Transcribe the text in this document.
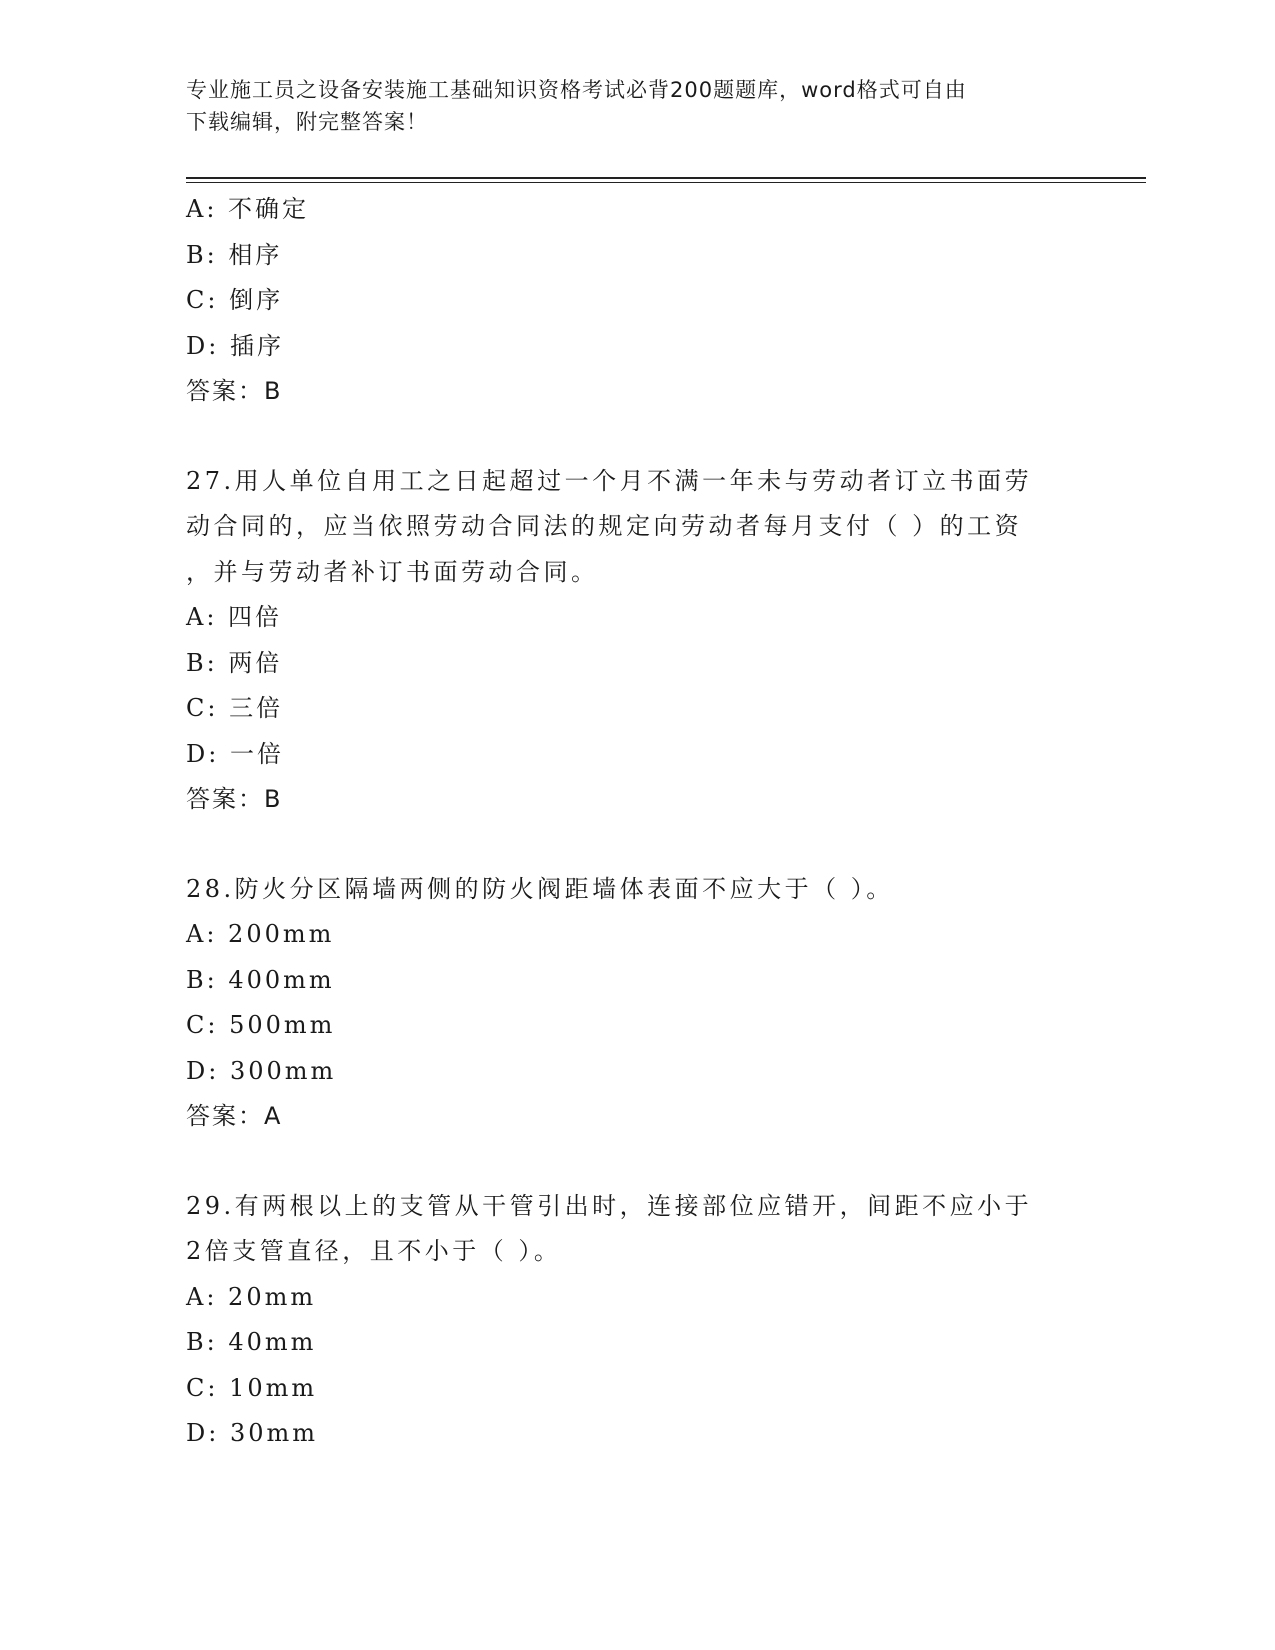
专业施工员之设备安装施工基础知识资格考试必背200题题库，word格式可自由
下载编辑，附完整答案！
A: 不确定
B: 相序
C: 倒序
D: 插序
答案：B
27.用人单位自用工之日起超过一个月不满一年未与劳动者订立书面劳
动合同的，应当依照劳动合同法的规定向劳动者每月支付（ ）的工资
，并与劳动者补订书面劳动合同。
A: 四倍
B: 两倍
C: 三倍
D: 一倍
答案：B
28.防火分区隔墙两侧的防火阀距墙体表面不应大于（ ）。
A: 200mm
B: 400mm
C: 500mm
D: 300mm
答案：A
29.有两根以上的支管从干管引出时，连接部位应错开，间距不应小于
2倍支管直径，且不小于（ ）。
A: 20mm
B: 40mm
C: 10mm
D: 30mm
